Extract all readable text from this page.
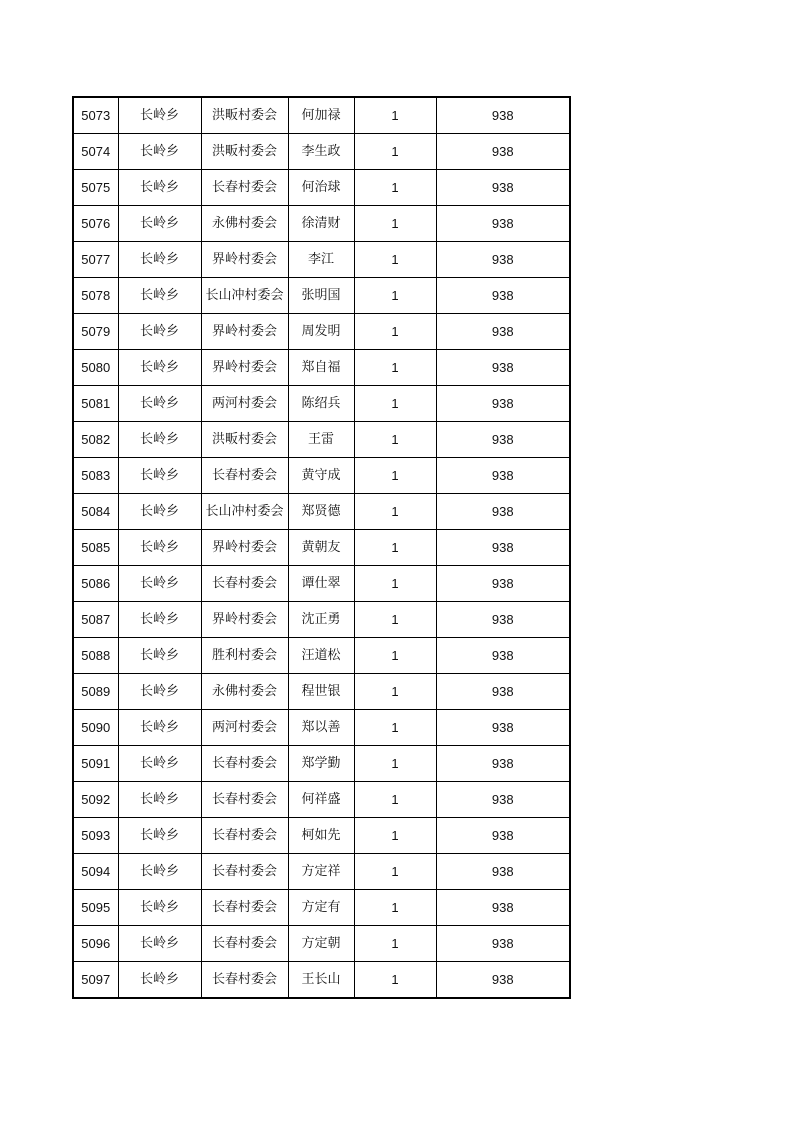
5073	长岭乡	洪畈村委会	何加禄	1	938
5074	长岭乡	洪畈村委会	李生政	1	938
5075	长岭乡	长春村委会	何治球	1	938
5076	长岭乡	永佛村委会	徐清财	1	938
5077	长岭乡	界岭村委会	李江	1	938
5078	长岭乡	长山冲村委会	张明国	1	938
5079	长岭乡	界岭村委会	周发明	1	938
5080	长岭乡	界岭村委会	郑自福	1	938
5081	长岭乡	两河村委会	陈绍兵	1	938
5082	长岭乡	洪畈村委会	王雷	1	938
5083	长岭乡	长春村委会	黄守成	1	938
5084	长岭乡	长山冲村委会	郑贤德	1	938
5085	长岭乡	界岭村委会	黄朝友	1	938
5086	长岭乡	长春村委会	谭仕翠	1	938
5087	长岭乡	界岭村委会	沈正勇	1	938
5088	长岭乡	胜利村委会	汪道松	1	938
5089	长岭乡	永佛村委会	程世银	1	938
5090	长岭乡	两河村委会	郑以善	1	938
5091	长岭乡	长春村委会	郑学勤	1	938
5092	长岭乡	长春村委会	何祥盛	1	938
5093	长岭乡	长春村委会	柯如先	1	938
5094	长岭乡	长春村委会	方定祥	1	938
5095	长岭乡	长春村委会	方定有	1	938
5096	长岭乡	长春村委会	方定朝	1	938
5097	长岭乡	长春村委会	王长山	1	938
